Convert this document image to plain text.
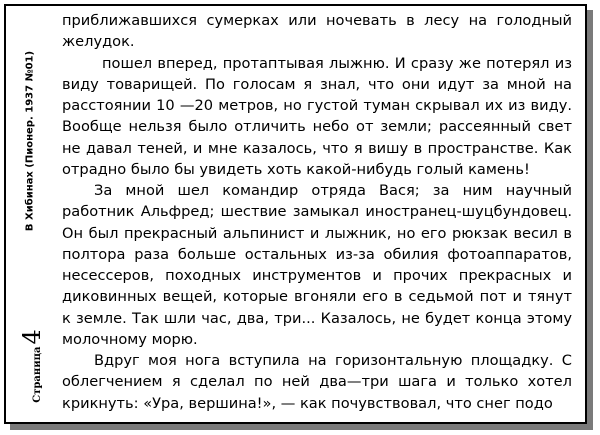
В Хибинах (Пионер. 1937 №01)
Страница4

приближавшихся сумерках или ночевать в лесу на голодный желудок.

пошел вперед, протаптывая лыжню. И сразу же потерял из виду товарищей. По голосам я знал, что они идут за мной на расстоянии 10 —20 метров, но густой туман скрывал их из виду. Вообще нельзя было отличить небо от земли; рассеянный свет не давал теней, и мне казалось, что я вишу в пространстве. Как отрадно было бы увидеть хоть какой-нибудь голый камень!

За мной шел командир отряда Вася; за ним научный работник Альфред; шествие замыкал иностранец-шуцбундовец. Он был прекрасный альпинист и лыжник, но его рюкзак весил в полтора раза больше остальных из-за обилия фотоаппаратов, несессеров, походных инструментов и прочих прекрасных и диковинных вещей, которые вгоняли его в седьмой пот и тянут к земле. Так шли час, два, три... Казалось, не будет конца этому молочному морю.

Вдруг моя нога вступила на горизонтальную площадку. С облегчением я сделал по ней два—три шага и только хотел крикнуть: «Ура, вершина!», — как почувствовал, что снег подо
